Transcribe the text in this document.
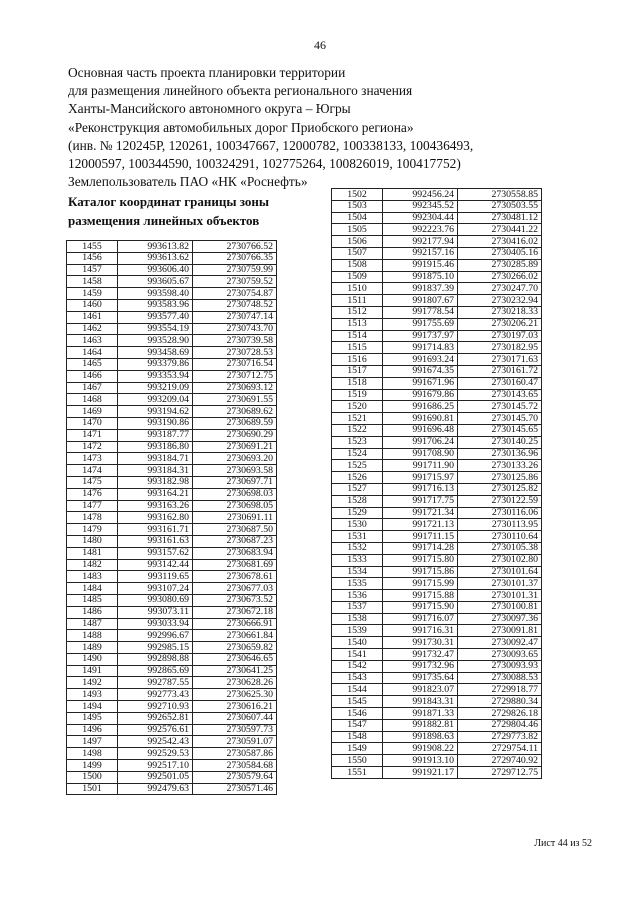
46
Основная часть проекта планировки территории
для размещения линейного объекта регионального значения
Ханты-Мансийского автономного округа – Югры
«Реконструкция автомобильных дорог Приобского региона»
(инв. № 120245Р, 120261, 100347667, 12000782, 100338133, 100436493,
12000597, 100344590, 100324291, 102775264, 100826019, 100417752)
Землепользователь ПАО «НК «Роснефть»
Каталог координат границы зоны
размещения линейных объектов
1455	993613.82	2730766.52
1456	993613.62	2730766.35
1457	993606.40	2730759.99
1458	993605.67	2730759.52
1459	993598.40	2730754.87
1460	993583.96	2730748.52
1461	993577.40	2730747.14
1462	993554.19	2730743.70
1463	993528.90	2730739.58
1464	993458.69	2730728.53
1465	993379.86	2730716.54
1466	993353.94	2730712.75
1467	993219.09	2730693.12
1468	993209.04	2730691.55
1469	993194.62	2730689.62
1470	993190.86	2730689.59
1471	993187.77	2730690.29
1472	993186.80	2730691.21
1473	993184.71	2730693.20
1474	993184.31	2730693.58
1475	993182.98	2730697.71
1476	993164.21	2730698.03
1477	993163.26	2730698.05
1478	993162.80	2730691.11
1479	993161.71	2730687.50
1480	993161.63	2730687.23
1481	993157.62	2730683.94
1482	993142.44	2730681.69
1483	993119.65	2730678.61
1484	993107.24	2730677.03
1485	993080.69	2730673.52
1486	993073.11	2730672.18
1487	993033.94	2730666.91
1488	992996.67	2730661.84
1489	992985.15	2730659.82
1490	992898.88	2730646.65
1491	992865.69	2730641.25
1492	992787.55	2730628.26
1493	992773.43	2730625.30
1494	992710.93	2730616.21
1495	992652.81	2730607.44
1496	992576.61	2730597.73
1497	992542.43	2730591.07
1498	992529.53	2730587.86
1499	992517.10	2730584.68
1500	992501.05	2730579.64
1501	992479.63	2730571.46
1502	992456.24	2730558.85
1503	992345.52	2730503.55
1504	992304.44	2730481.12
1505	992223.76	2730441.22
1506	992177.94	2730416.02
1507	992157.16	2730405.16
1508	991915.46	2730285.89
1509	991875.10	2730266.02
1510	991837.39	2730247.70
1511	991807.67	2730232.94
1512	991778.54	2730218.33
1513	991755.69	2730206.21
1514	991737.97	2730197.03
1515	991714.83	2730182.95
1516	991693.24	2730171.63
1517	991674.35	2730161.72
1518	991671.96	2730160.47
1519	991679.86	2730143.65
1520	991686.25	2730145.72
1521	991690.81	2730145.70
1522	991696.48	2730145.65
1523	991706.24	2730140.25
1524	991708.90	2730136.96
1525	991711.90	2730133.26
1526	991715.97	2730125.86
1527	991716.13	2730125.82
1528	991717.75	2730122.59
1529	991721.34	2730116.06
1530	991721.13	2730113.95
1531	991711.15	2730110.64
1532	991714.28	2730105.38
1533	991715.80	2730102.80
1534	991715.86	2730101.64
1535	991715.99	2730101.37
1536	991715.88	2730101.31
1537	991715.90	2730100.81
1538	991716.07	2730097.36
1539	991716.31	2730091.81
1540	991730.31	2730092.47
1541	991732.47	2730093.65
1542	991732.96	2730093.93
1543	991735.64	2730088.53
1544	991823.07	2729918.77
1545	991843.31	2729880.34
1546	991871.33	2729826.18
1547	991882.81	2729804.46
1548	991898.63	2729773.82
1549	991908.22	2729754.11
1550	991913.10	2729740.92
1551	991921.17	2729712.75
Лист 44 из 52
